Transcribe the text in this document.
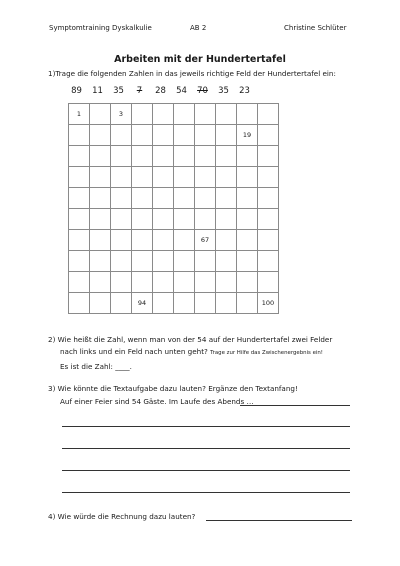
Symptomtraining Dyskalkulie	AB 2	Christine Schlüter
Arbeiten mit der Hundertertafel
1)Trage die folgenden Zahlen in das jeweils richtige Feld der Hundertertafel ein:
89	11	35	7	28	54	70	35	23
1		3							
								19	

						67			

			94						100
2) Wie heißt die Zahl, wenn man von der 54 auf der Hundertertafel zwei Felder
nach links und ein Feld nach unten geht? Trage zur Hilfe das Zwischenergebnis ein!
Es ist die Zahl: ____.
3) Wie könnte die Textaufgabe dazu lauten? Ergänze den Textanfang!
Auf einer Feier sind 54 Gäste. Im Laufe des Abends …
4) Wie würde die Rechnung dazu lauten?
